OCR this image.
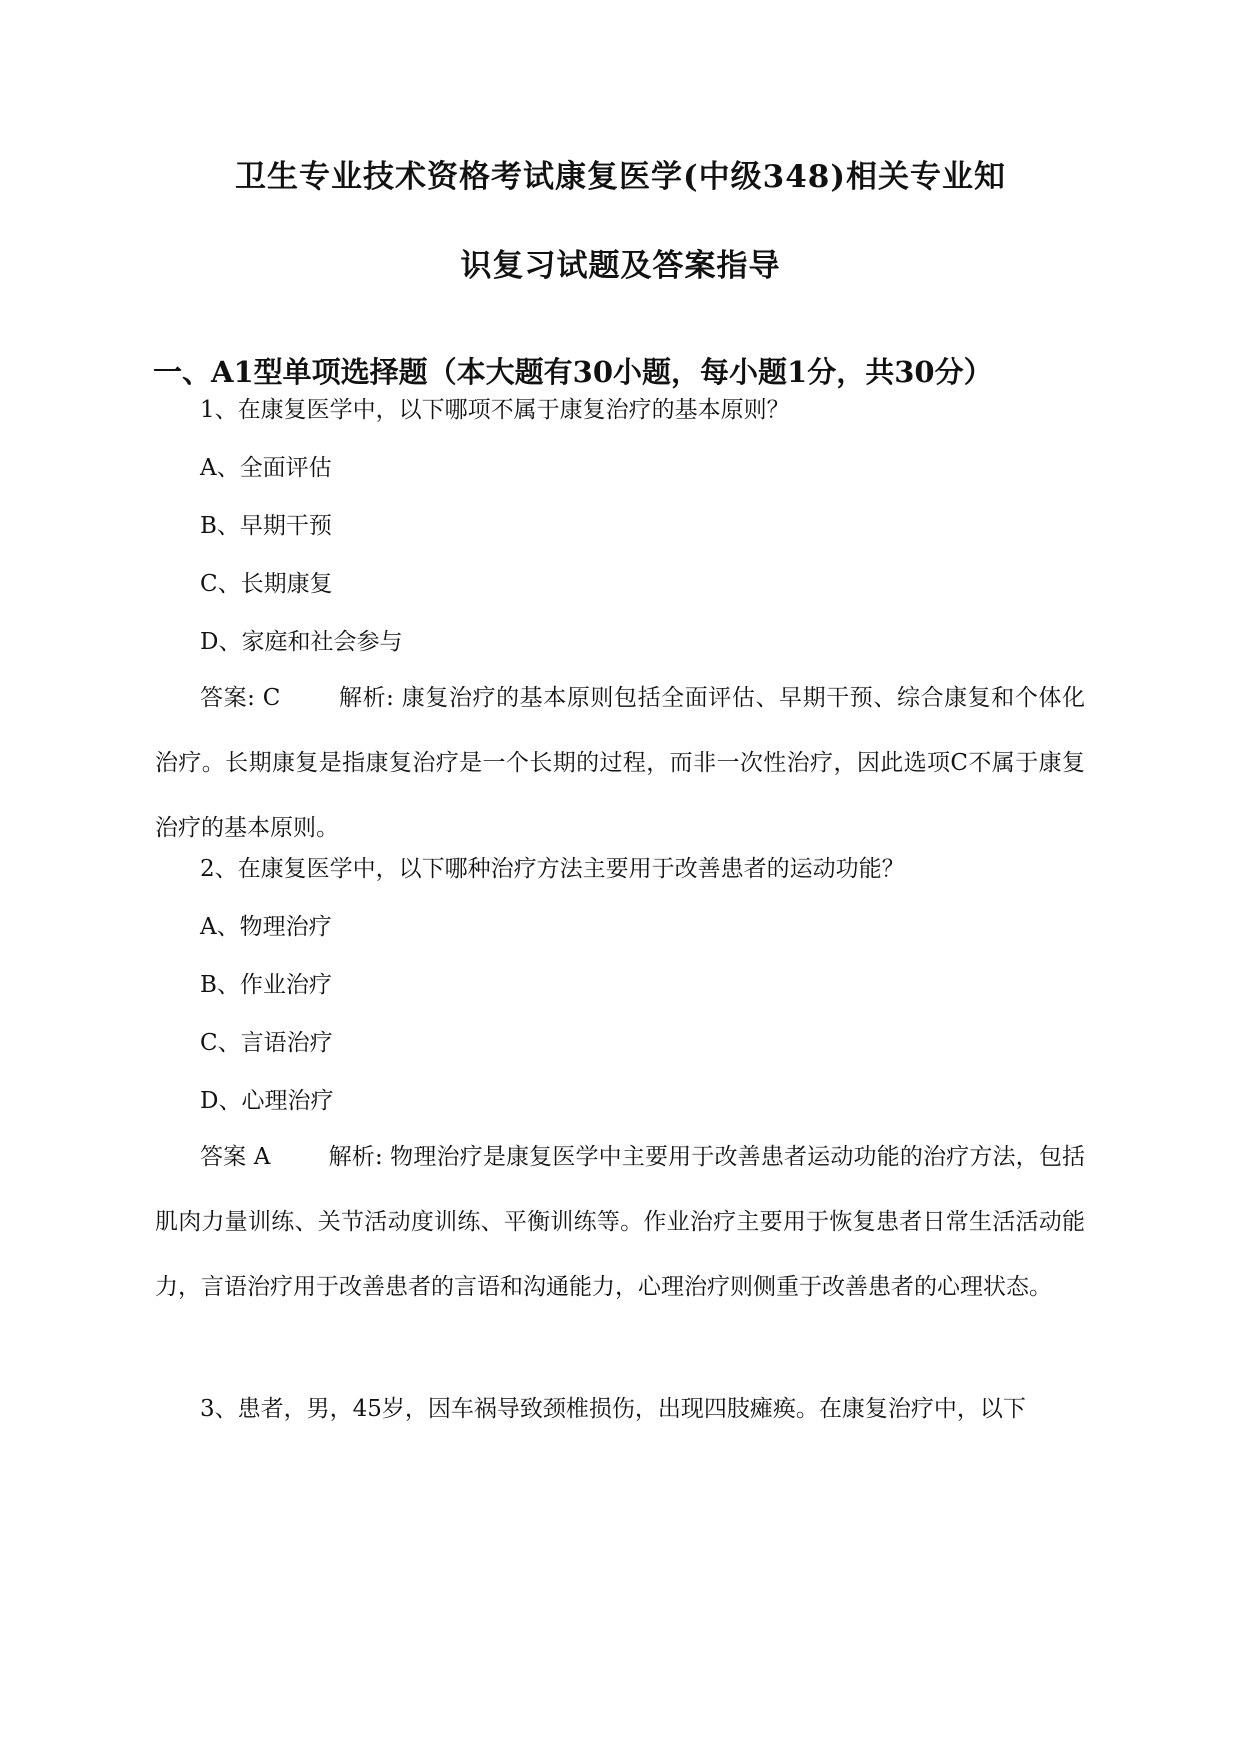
卫生专业技术资格考试康复医学(中级348)相关专业知
识复习试题及答案指导
一、A1型单项选择题（本大题有30小题，每小题1分，共30分）
1、在康复医学中，以下哪项不属于康复治疗的基本原则？
A、全面评估
B、早期干预
C、长期康复
D、家庭和社会参与
答案: C	解析: 康复治疗的基本原则包括全面评估、早期干预、综合康复和个体化治疗。长期康复是指康复治疗是一个长期的过程，而非一次性治疗，因此选项C不属于康复治疗的基本原则。
2、在康复医学中，以下哪种治疗方法主要用于改善患者的运动功能？
A、物理治疗
B、作业治疗
C、言语治疗
D、心理治疗
答案 A	解析: 物理治疗是康复医学中主要用于改善患者运动功能的治疗方法，包括肌肉力量训练、关节活动度训练、平衡训练等。作业治疗主要用于恢复患者日常生活活动能力，言语治疗用于改善患者的言语和沟通能力，心理治疗则侧重于改善患者的心理状态。
3、患者，男，45岁，因车祸导致颈椎损伤，出现四肢瘫痪。在康复治疗中，以下
